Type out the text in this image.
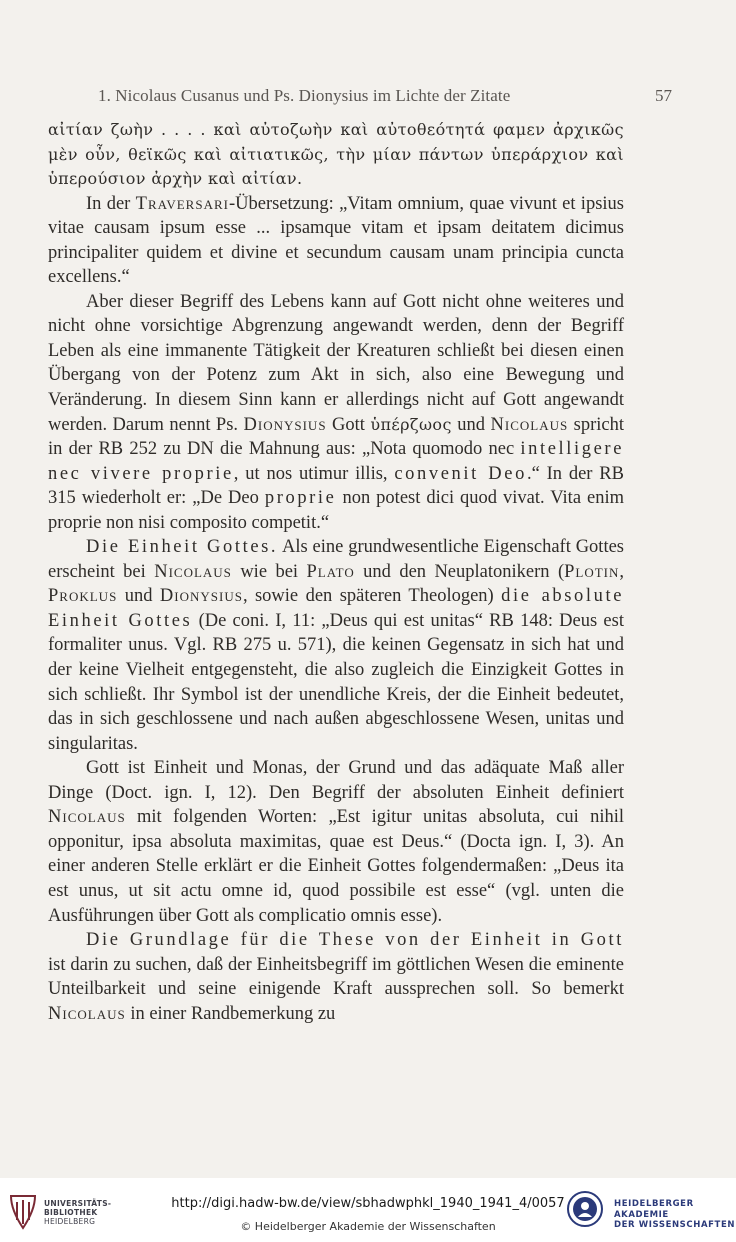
1. Nicolaus Cusanus und Ps. Dionysius im Lichte der Zitate	57

αἰτίαν ζωὴν . . . . καὶ αὐτοζωὴν καὶ αὐτοθεότητά φαμεν ἀρχικῶς μὲν οὖν, θεϊκῶς καὶ αἰτιατικῶς, τὴν μίαν πάντων ὑπεράρχιον καὶ ὑπερούσιον ἀρχὴν καὶ αἰτίαν.

In der Traversari-Übersetzung: „Vitam omnium, quae vivunt et ipsius vitae causam ipsum esse ... ipsamque vitam et ipsam deitatem dicimus principaliter quidem et divine et secundum causam unam principia cuncta excellens.“

Aber dieser Begriff des Lebens kann auf Gott nicht ohne weiteres und nicht ohne vorsichtige Abgrenzung angewandt werden, denn der Begriff Leben als eine immanente Tätigkeit der Kreaturen schließt bei diesen einen Übergang von der Potenz zum Akt in sich, also eine Bewegung und Veränderung. In diesem Sinn kann er allerdings nicht auf Gott angewandt werden. Darum nennt Ps. Dionysius Gott ὑπέρζωος und Nicolaus spricht in der RB 252 zu DN die Mahnung aus: „Nota quomodo nec intelligere nec vivere proprie, ut nos utimur illis, convenit Deo.“ In der RB 315 wiederholt er: „De Deo proprie non potest dici quod vivat. Vita enim proprie non nisi composito competit.“

Die Einheit Gottes. Als eine grundwesentliche Eigenschaft Gottes erscheint bei Nicolaus wie bei Plato und den Neuplatonikern (Plotin, Proklus und Dionysius, sowie den späteren Theologen) die absolute Einheit Gottes (De coni. I, 11: „Deus qui est unitas“ RB 148: Deus est formaliter unus. Vgl. RB 275 u. 571), die keinen Gegensatz in sich hat und der keine Vielheit entgegensteht, die also zugleich die Einzigkeit Gottes in sich schließt. Ihr Symbol ist der unendliche Kreis, der die Einheit bedeutet, das in sich geschlossene und nach außen abgeschlossene Wesen, unitas und singularitas.

Gott ist Einheit und Monas, der Grund und das adäquate Maß aller Dinge (Doct. ign. I, 12). Den Begriff der absoluten Einheit definiert Nicolaus mit folgenden Worten: „Est igitur unitas absoluta, cui nihil opponitur, ipsa absoluta maximitas, quae est Deus.“ (Docta ign. I, 3). An einer anderen Stelle erklärt er die Einheit Gottes folgendermaßen: „Deus ita est unus, ut sit actu omne id, quod possibile est esse“ (vgl. unten die Ausführungen über Gott als complicatio omnis esse).

Die Grundlage für die These von der Einheit in Gott ist darin zu suchen, daß der Einheitsbegriff im göttlichen Wesen die eminente Unteilbarkeit und seine einigende Kraft aussprechen soll. So bemerkt Nicolaus in einer Randbemerkung zu

UNIVERSITÄTS-
BIBLIOTHEK
HEIDELBERG
http://digi.hadw-bw.de/view/sbhadwphkl_1940_1941_4/0057
© Heidelberger Akademie der Wissenschaften
HEIDELBERGER AKADEMIE
DER WISSENSCHAFTEN
